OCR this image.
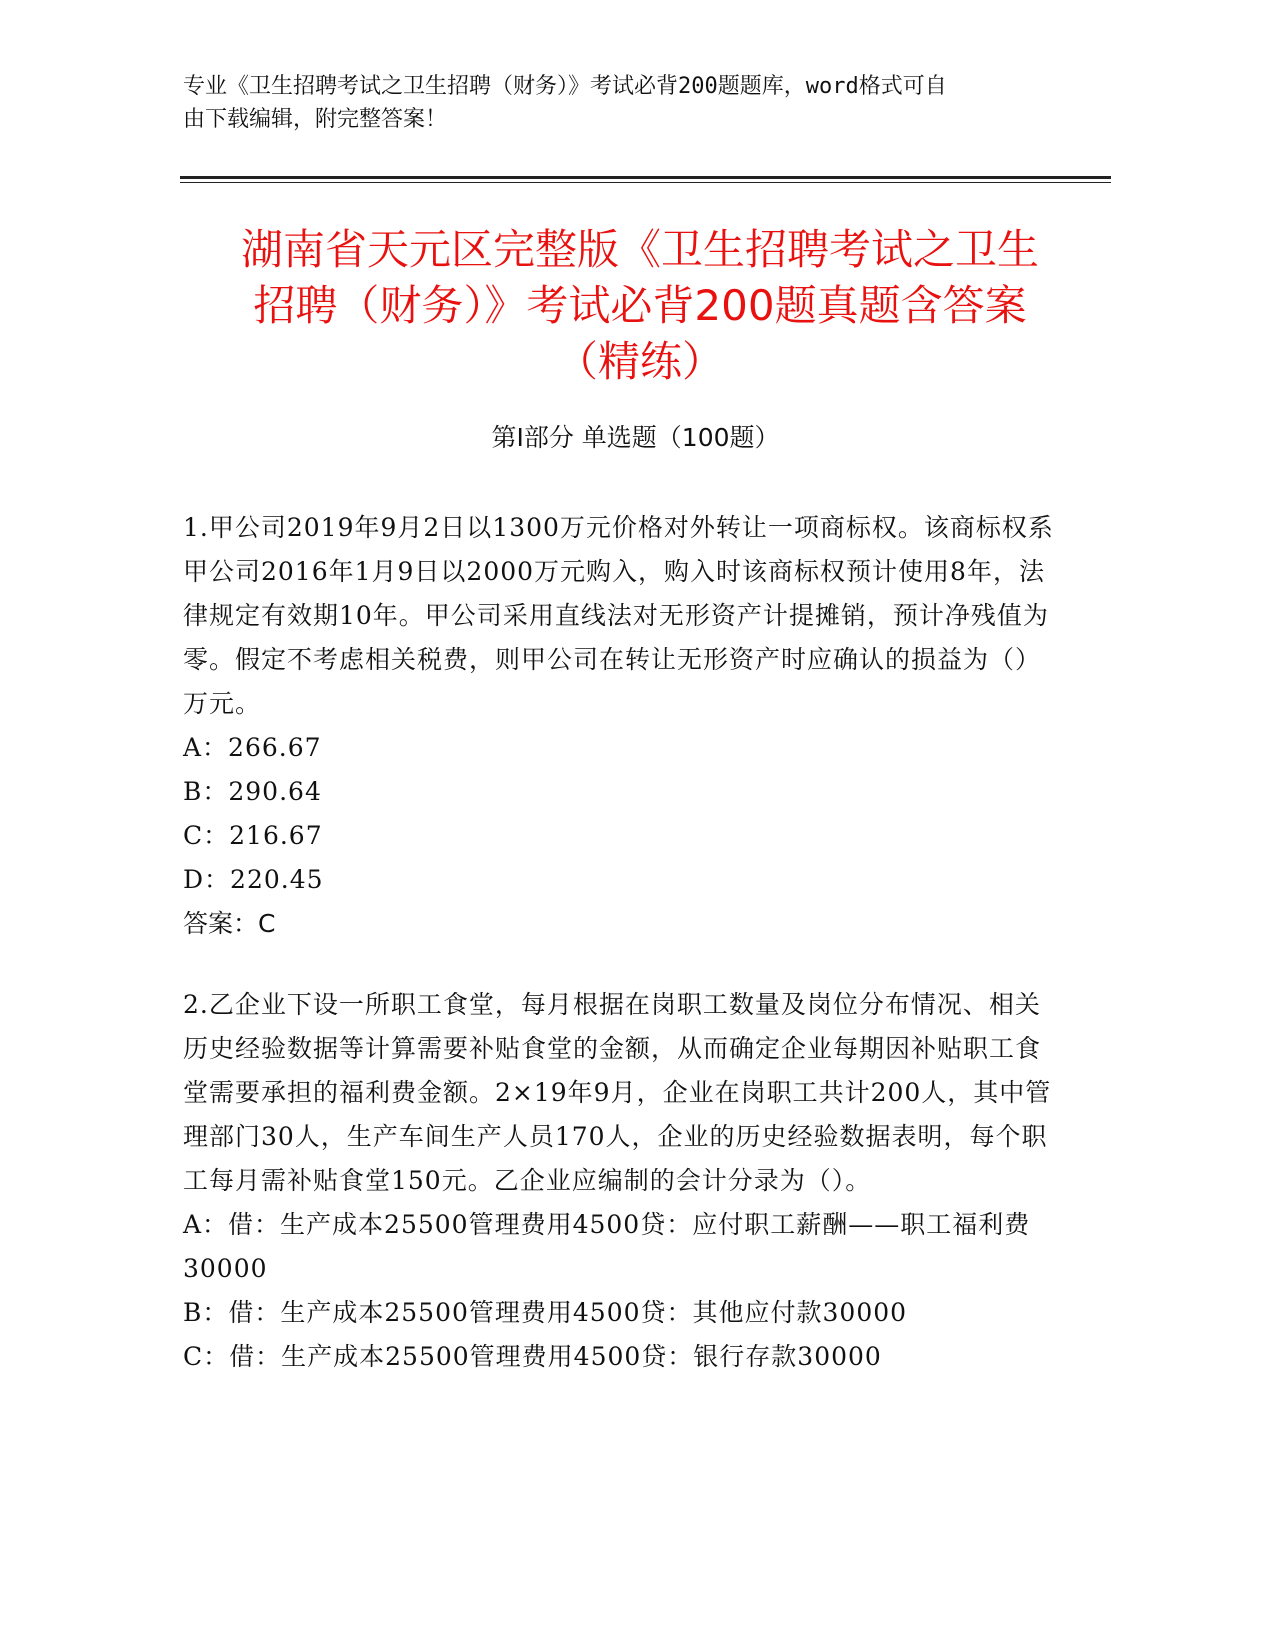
专业《卫生招聘考试之卫生招聘（财务）》考试必背200题题库，word格式可自
由下载编辑，附完整答案！
湖南省天元区完整版《卫生招聘考试之卫生
招聘（财务）》考试必背200题真题含答案
（精练）
第Ⅰ部分 单选题（100题）
1.甲公司2019年9月2日以1300万元价格对外转让一项商标权。该商标权系甲公司2016年1月9日以2000万元购入，购入时该商标权预计使用8年，法律规定有效期10年。甲公司采用直线法对无形资产计提摊销，预计净残值为零。假定不考虑相关税费，则甲公司在转让无形资产时应确认的损益为（）万元。
A：266.67
B：290.64
C：216.67
D：220.45
答案：C
2.乙企业下设一所职工食堂，每月根据在岗职工数量及岗位分布情况、相关历史经验数据等计算需要补贴食堂的金额，从而确定企业每期因补贴职工食堂需要承担的福利费金额。2×19年9月，企业在岗职工共计200人，其中管理部门30人，生产车间生产人员170人，企业的历史经验数据表明，每个职工每月需补贴食堂150元。乙企业应编制的会计分录为（）。
A：借：生产成本25500管理费用4500贷：应付职工薪酬——职工福利费30000
B：借：生产成本25500管理费用4500贷：其他应付款30000
C：借：生产成本25500管理费用4500贷：银行存款30000
